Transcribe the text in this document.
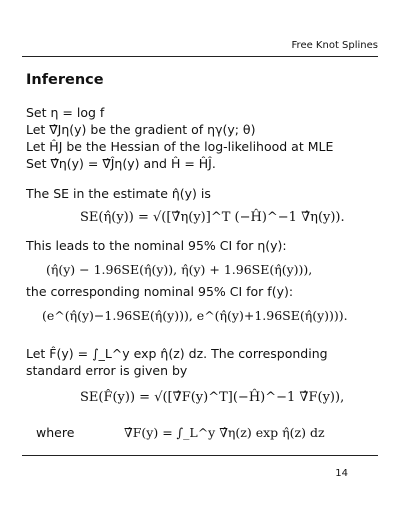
Free Knot Splines
Inference
Set η = log f
Let ∇̂Jη(y) be the gradient of ηγ(y; θ)
Let ĤJ be the Hessian of the log-likelihood at MLE
Set ∇̂η(y) = ∇̂Ĵη(y) and Ĥ = ĤĴ.
The SE in the estimate η̂(y) is
SE(η̂(y)) = √([∇̂η(y)]^T (−Ĥ)^−1 ∇̂η(y)).
This leads to the nominal 95% CI for η(y):
(η̂(y) − 1.96SE(η̂(y)), η̂(y) + 1.96SE(η̂(y))),
the corresponding nominal 95% CI for f(y):
(e^(η̂(y)−1.96SE(η̂(y))), e^(η̂(y)+1.96SE(η̂(y)))).
Let F̂(y) = ∫_L^y exp η̂(z) dz. The corresponding
standard error is given by
SE(F̂(y)) = √([∇̂F(y)^T](−Ĥ)^−1 ∇̂F(y)),
where	∇̂F(y) = ∫_L^y ∇̂η(z) exp η̂(z) dz
14
